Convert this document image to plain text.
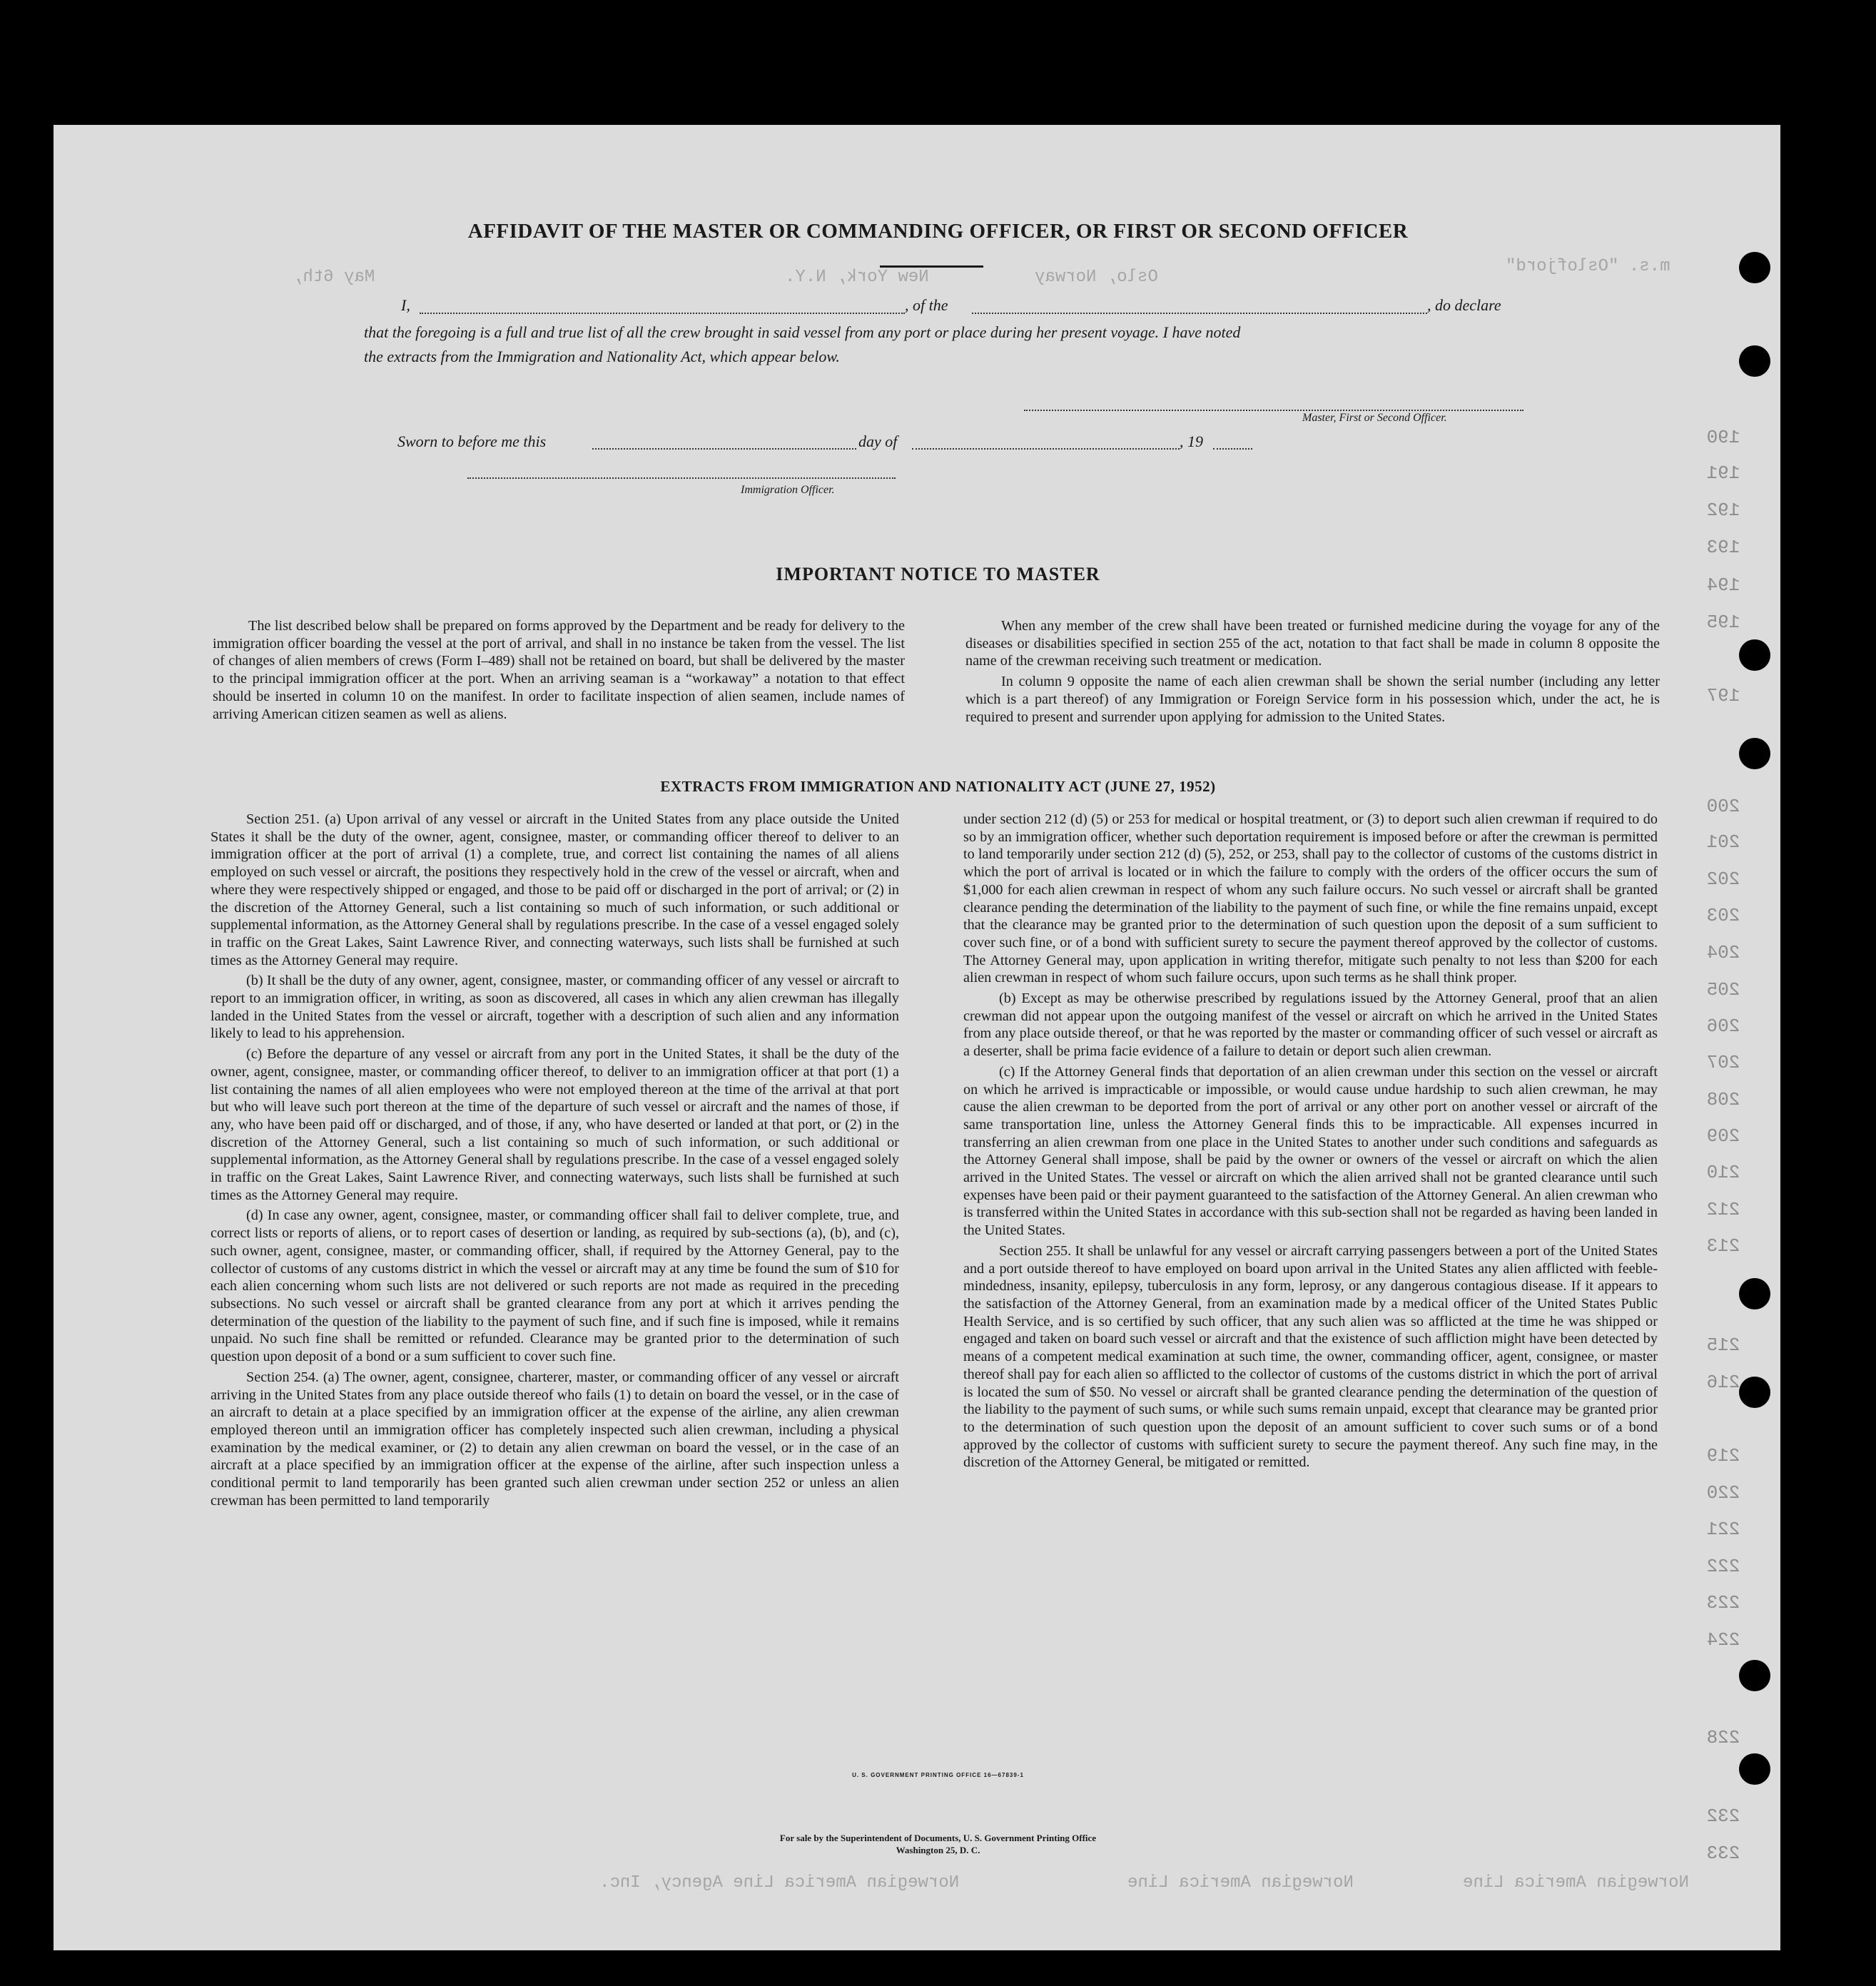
m.s. "Oslofjord"
Oslo, Norway
New York, N.Y.
May 6th,
Norwegian America Line Agency, Inc.	Norwegian America Line	Norwegian America Line
190
191
192
193
194
195
197
200
201
202
203
204
205
206
207
208
209
210
212
213
215
216
219
220
221
222
223
224
228
232
233
AFFIDAVIT OF THE MASTER OR COMMANDING OFFICER, OR FIRST OR SECOND OFFICER
I,	, of the	, do declare
that the foregoing is a full and true list of all the crew brought in said vessel from any port or place during her present voyage. I have noted
the extracts from the Immigration and Nationality Act, which appear below.
Master, First or Second Officer.
Sworn to before me this	day of	, 19
Immigration Officer.
IMPORTANT NOTICE TO MASTER

The list described below shall be prepared on forms approved by the Department and be ready for delivery to the immigration officer boarding the vessel at the port of arrival, and shall in no instance be taken from the vessel. The list of changes of alien members of crews (Form I–489) shall not be retained on board, but shall be delivered by the master to the principal immigration officer at the port. When an arriving seaman is a “workaway” a notation to that effect should be inserted in column 10 on the manifest. In order to facilitate inspection of alien seamen, include names of arriving American citizen seamen as well as aliens.

When any member of the crew shall have been treated or furnished medicine during the voyage for any of the diseases or disabilities specified in section 255 of the act, notation to that fact shall be made in column 8 opposite the name of the crewman receiving such treatment or medication.

In column 9 opposite the name of each alien crewman shall be shown the serial number (including any letter which is a part thereof) of any Immigration or Foreign Service form in his possession which, under the act, he is required to present and surrender upon applying for admission to the United States.

EXTRACTS FROM IMMIGRATION AND NATIONALITY ACT (JUNE 27, 1952)

Section 251. (a) Upon arrival of any vessel or aircraft in the United States from any place outside the United States it shall be the duty of the owner, agent, consignee, master, or commanding officer thereof to deliver to an immigration officer at the port of arrival (1) a complete, true, and correct list containing the names of all aliens employed on such vessel or aircraft, the positions they respectively hold in the crew of the vessel or aircraft, when and where they were respectively shipped or engaged, and those to be paid off or discharged in the port of arrival; or (2) in the discretion of the Attorney General, such a list containing so much of such information, or such additional or supplemental information, as the Attorney General shall by regulations prescribe. In the case of a vessel engaged solely in traffic on the Great Lakes, Saint Lawrence River, and connecting waterways, such lists shall be furnished at such times as the Attorney General may require.

(b) It shall be the duty of any owner, agent, consignee, master, or commanding officer of any vessel or aircraft to report to an immigration officer, in writing, as soon as discovered, all cases in which any alien crewman has illegally landed in the United States from the vessel or aircraft, together with a description of such alien and any information likely to lead to his apprehension.

(c) Before the departure of any vessel or aircraft from any port in the United States, it shall be the duty of the owner, agent, consignee, master, or commanding officer thereof, to deliver to an immigration officer at that port (1) a list containing the names of all alien employees who were not employed thereon at the time of the arrival at that port but who will leave such port thereon at the time of the departure of such vessel or aircraft and the names of those, if any, who have been paid off or discharged, and of those, if any, who have deserted or landed at that port, or (2) in the discretion of the Attorney General, such a list containing so much of such information, or such additional or supplemental information, as the Attorney General shall by regulations prescribe. In the case of a vessel engaged solely in traffic on the Great Lakes, Saint Lawrence River, and connecting waterways, such lists shall be furnished at such times as the Attorney General may require.

(d) In case any owner, agent, consignee, master, or commanding officer shall fail to deliver complete, true, and correct lists or reports of aliens, or to report cases of desertion or landing, as required by sub-sections (a), (b), and (c), such owner, agent, consignee, master, or commanding officer, shall, if required by the Attorney General, pay to the collector of customs of any customs district in which the vessel or aircraft may at any time be found the sum of $10 for each alien concerning whom such lists are not delivered or such reports are not made as required in the preceding subsections. No such vessel or aircraft shall be granted clearance from any port at which it arrives pending the determination of the question of the liability to the payment of such fine, and if such fine is imposed, while it remains unpaid. No such fine shall be remitted or refunded. Clearance may be granted prior to the determination of such question upon deposit of a bond or a sum sufficient to cover such fine.

Section 254. (a) The owner, agent, consignee, charterer, master, or commanding officer of any vessel or aircraft arriving in the United States from any place outside thereof who fails (1) to detain on board the vessel, or in the case of an aircraft to detain at a place specified by an immigration officer at the expense of the airline, any alien crewman employed thereon until an immigration officer has completely inspected such alien crewman, including a physical examination by the medical examiner, or (2) to detain any alien crewman on board the vessel, or in the case of an aircraft at a place specified by an immigration officer at the expense of the airline, after such inspection unless a conditional permit to land temporarily has been granted such alien crewman under section 252 or unless an alien crewman has been permitted to land temporarily

under section 212 (d) (5) or 253 for medical or hospital treatment, or (3) to deport such alien crewman if required to do so by an immigration officer, whether such deportation requirement is imposed before or after the crewman is permitted to land temporarily under section 212 (d) (5), 252, or 253, shall pay to the collector of customs of the customs district in which the port of arrival is located or in which the failure to comply with the orders of the officer occurs the sum of $1,000 for each alien crewman in respect of whom any such failure occurs. No such vessel or aircraft shall be granted clearance pending the determination of the liability to the payment of such fine, or while the fine remains unpaid, except that the clearance may be granted prior to the determination of such question upon the deposit of a sum sufficient to cover such fine, or of a bond with sufficient surety to secure the payment thereof approved by the collector of customs. The Attorney General may, upon application in writing therefor, mitigate such penalty to not less than $200 for each alien crewman in respect of whom such failure occurs, upon such terms as he shall think proper.

(b) Except as may be otherwise prescribed by regulations issued by the Attorney General, proof that an alien crewman did not appear upon the outgoing manifest of the vessel or aircraft on which he arrived in the United States from any place outside thereof, or that he was reported by the master or commanding officer of such vessel or aircraft as a deserter, shall be prima facie evidence of a failure to detain or deport such alien crewman.

(c) If the Attorney General finds that deportation of an alien crewman under this section on the vessel or aircraft on which he arrived is impracticable or impossible, or would cause undue hardship to such alien crewman, he may cause the alien crewman to be deported from the port of arrival or any other port on another vessel or aircraft of the same transportation line, unless the Attorney General finds this to be impracticable. All expenses incurred in transferring an alien crewman from one place in the United States to another under such conditions and safeguards as the Attorney General shall impose, shall be paid by the owner or owners of the vessel or aircraft on which the alien arrived in the United States. The vessel or aircraft on which the alien arrived shall not be granted clearance until such expenses have been paid or their payment guaranteed to the satisfaction of the Attorney General. An alien crewman who is transferred within the United States in accordance with this sub-section shall not be regarded as having been landed in the United States.

Section 255. It shall be unlawful for any vessel or aircraft carrying passengers between a port of the United States and a port outside thereof to have employed on board upon arrival in the United States any alien afflicted with feeble-mindedness, insanity, epilepsy, tuberculosis in any form, leprosy, or any dangerous contagious disease. If it appears to the satisfaction of the Attorney General, from an examination made by a medical officer of the United States Public Health Service, and is so certified by such officer, that any such alien was so afflicted at the time he was shipped or engaged and taken on board such vessel or aircraft and that the existence of such affliction might have been detected by means of a competent medical examination at such time, the owner, commanding officer, agent, consignee, or master thereof shall pay for each alien so afflicted to the collector of customs of the customs district in which the port of arrival is located the sum of $50. No vessel or aircraft shall be granted clearance pending the determination of the question of the liability to the payment of such sums, or while such sums remain unpaid, except that clearance may be granted prior to the determination of such question upon the deposit of an amount sufficient to cover such sums or of a bond approved by the collector of customs with sufficient surety to secure the payment thereof. Any such fine may, in the discretion of the Attorney General, be mitigated or remitted.

U. S. GOVERNMENT PRINTING OFFICE 16—67839-1
For sale by the Superintendent of Documents, U. S. Government Printing Office
Washington 25, D. C.
